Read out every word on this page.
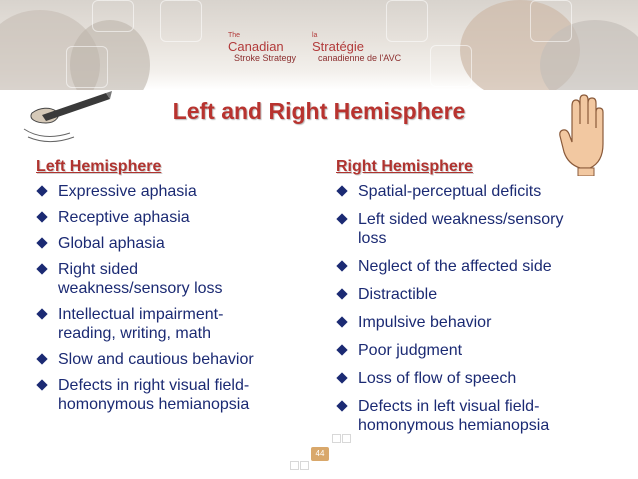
The
Canadian
Stroke Strategy
la
Stratégie
canadienne de l'AVC
Left and Right Hemisphere
Left Hemisphere
Expressive aphasia
Receptive aphasia
Global aphasia
Right sided weakness/sensory loss
Intellectual impairment-reading, writing, math
Slow and cautious behavior
Defects in right visual field-homonymous hemianopsia
Right Hemisphere
Spatial-perceptual deficits
Left sided weakness/sensory loss
Neglect of the affected side
Distractible
Impulsive behavior
Poor judgment
Loss of flow of speech
Defects in left visual field-homonymous hemianopsia
44
